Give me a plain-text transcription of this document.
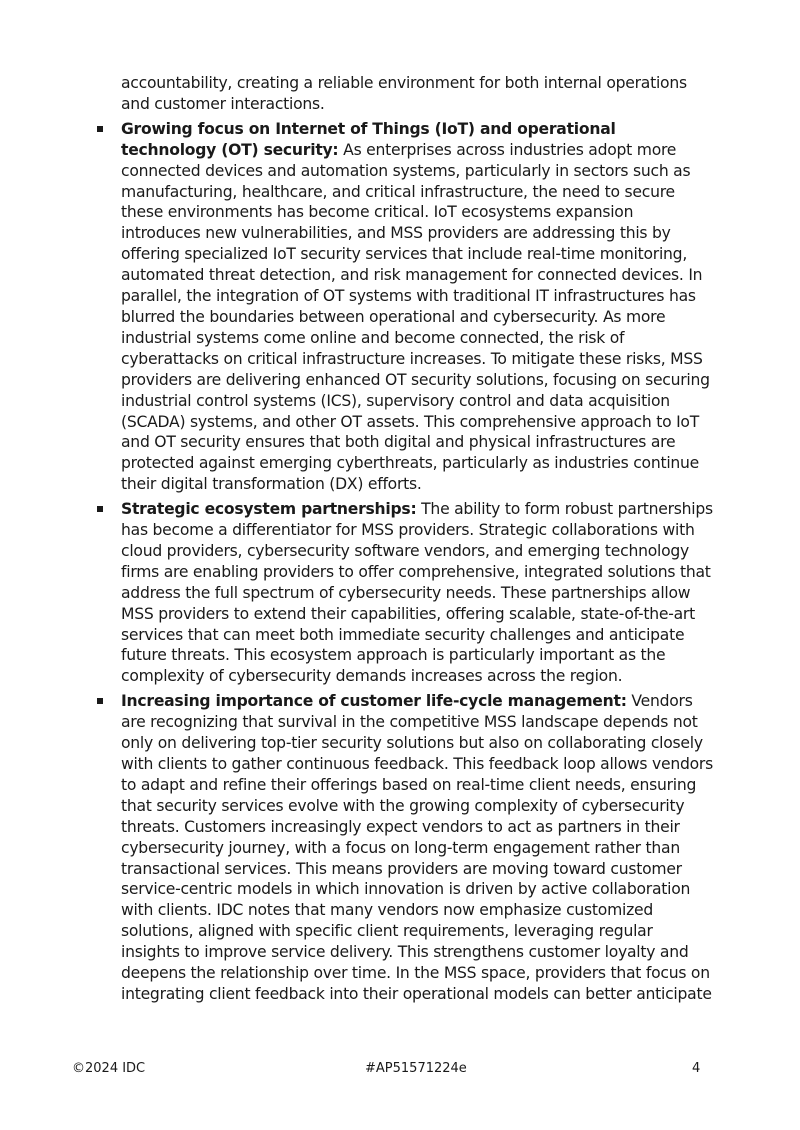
accountability, creating a reliable environment for both internal operations and customer interactions.

Growing focus on Internet of Things (IoT) and operational technology (OT) security: As enterprises across industries adopt more connected devices and automation systems, particularly in sectors such as manufacturing, healthcare, and critical infrastructure, the need to secure these environments has become critical. IoT ecosystems expansion introduces new vulnerabilities, and MSS providers are addressing this by offering specialized IoT security services that include real-time monitoring, automated threat detection, and risk management for connected devices. In parallel, the integration of OT systems with traditional IT infrastructures has blurred the boundaries between operational and cybersecurity. As more industrial systems come online and become connected, the risk of cyberattacks on critical infrastructure increases. To mitigate these risks, MSS providers are delivering enhanced OT security solutions, focusing on securing industrial control systems (ICS), supervisory control and data acquisition (SCADA) systems, and other OT assets. This comprehensive approach to IoT and OT security ensures that both digital and physical infrastructures are protected against emerging cyberthreats, particularly as industries continue their digital transformation (DX) efforts.
Strategic ecosystem partnerships: The ability to form robust partnerships has become a differentiator for MSS providers. Strategic collaborations with cloud providers, cybersecurity software vendors, and emerging technology firms are enabling providers to offer comprehensive, integrated solutions that address the full spectrum of cybersecurity needs. These partnerships allow MSS providers to extend their capabilities, offering scalable, state-of-the-art services that can meet both immediate security challenges and anticipate future threats. This ecosystem approach is particularly important as the complexity of cybersecurity demands increases across the region.
Increasing importance of customer life-cycle management: Vendors are recognizing that survival in the competitive MSS landscape depends not only on delivering top-tier security solutions but also on collaborating closely with clients to gather continuous feedback. This feedback loop allows vendors to adapt and refine their offerings based on real-time client needs, ensuring that security services evolve with the growing complexity of cybersecurity threats. Customers increasingly expect vendors to act as partners in their cybersecurity journey, with a focus on long-term engagement rather than transactional services. This means providers are moving toward customer service-centric models in which innovation is driven by active collaboration with clients. IDC notes that many vendors now emphasize customized solutions, aligned with specific client requirements, leveraging regular insights to improve service delivery. This strengthens customer loyalty and deepens the relationship over time. In the MSS space, providers that focus on integrating client feedback into their operational models can better anticipate
©2024 IDC	#AP51571224e	4
